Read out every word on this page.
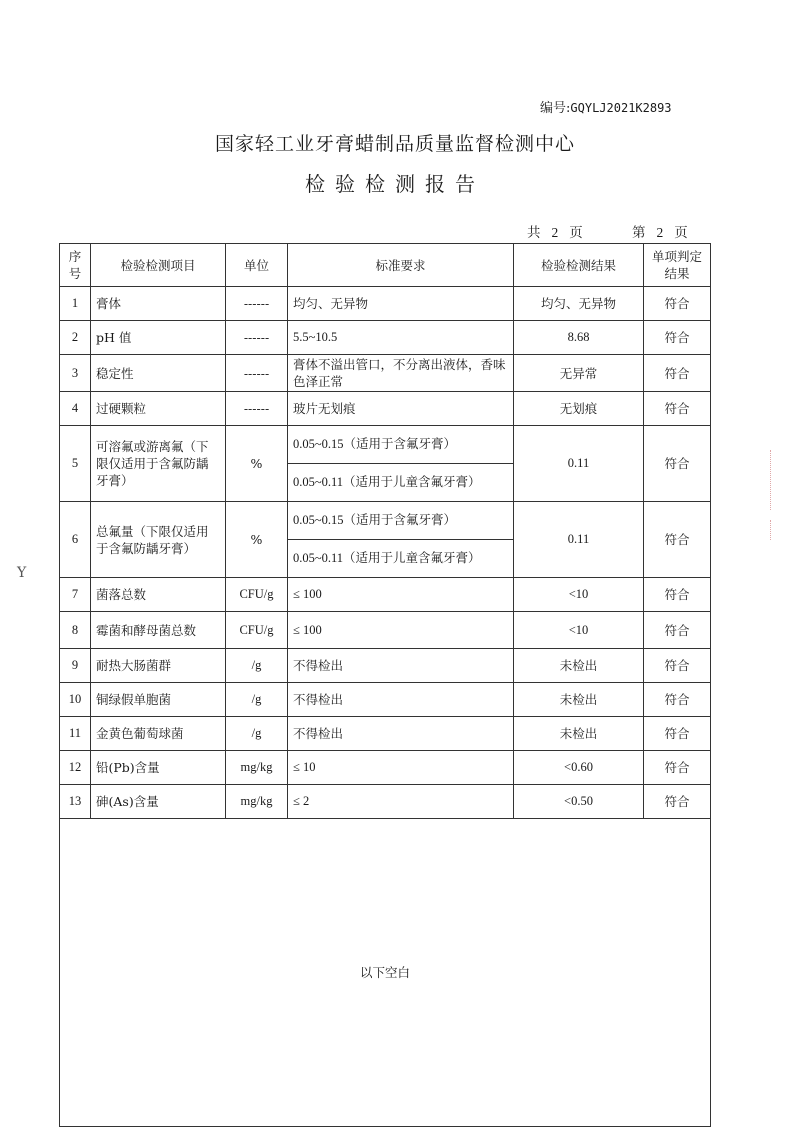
编号:GQYLJ2021K2893
国家轻工业牙膏蜡制品质量监督检测中心
检验检测报告
共 2 页	第 2 页
序号	检验检测项目	单位	标准要求	检验检测结果	单项判定结果
1	膏体	------	均匀、无异物	均匀、无异物	符合
2	pH 值	------	5.5~10.5	8.68	符合
3	稳定性	------	膏体不溢出管口，不分离出液体，香味色泽正常	无异常	符合
4	过硬颗粒	------	玻片无划痕	无划痕	符合
5	可溶氟或游离氟（下限仅适用于含氟防龋牙膏）	%	0.05~0.15（适用于含氟牙膏）	0.11	符合
			0.05~0.11（适用于儿童含氟牙膏）		
6	总氟量（下限仅适用于含氟防龋牙膏）	%	0.05~0.15（适用于含氟牙膏）	0.11	符合
			0.05~0.11（适用于儿童含氟牙膏）		
7	菌落总数	CFU/g	≤ 100	<10	符合
8	霉菌和酵母菌总数	CFU/g	≤ 100	<10	符合
9	耐热大肠菌群	/g	不得检出	未检出	符合
10	铜绿假单胞菌	/g	不得检出	未检出	符合
11	金黄色葡萄球菌	/g	不得检出	未检出	符合
12	铅(Pb)含量	mg/kg	≤ 10	<0.60	符合
13	砷(As)含量	mg/kg	≤ 2	<0.50	符合
以下空白					
Y
